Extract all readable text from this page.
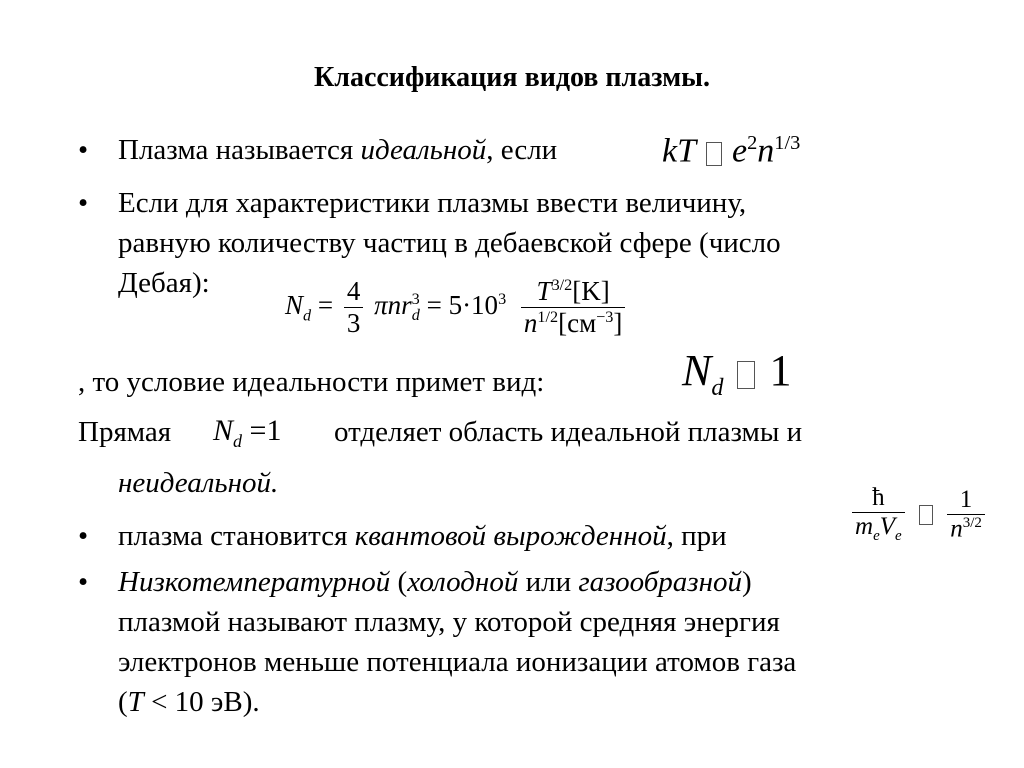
Классификация видов плазмы.
• Плазма называется идеальной, если	kT $e^2n^{1/3}$
• Если для характеристики плазмы ввести величину,
равную количеству частиц в дебаевской сфере (число
Дебая):
$N_d = \frac{4}{3} \pi nr^3_d = 5\cdot 10^3 \frac{T^{3/2}[K]}{n^{1/2}[см^{-3}]}$
, то условие идеальности примет вид:	$N_d$ 1
Прямая $N_d =1$ отделяет область идеальной плазмы и
неидеальной.
• плазма становится квантовой вырожденной, при	$\frac{ħ}{m_eV_e}$
$\frac{1}{n^{3/2}}$
• Низкотемпературной (холодной или газообразной)
плазмой называют плазму, у которой средняя энергия
электронов меньше потенциала ионизации атомов газа
(T < 10 эВ).
